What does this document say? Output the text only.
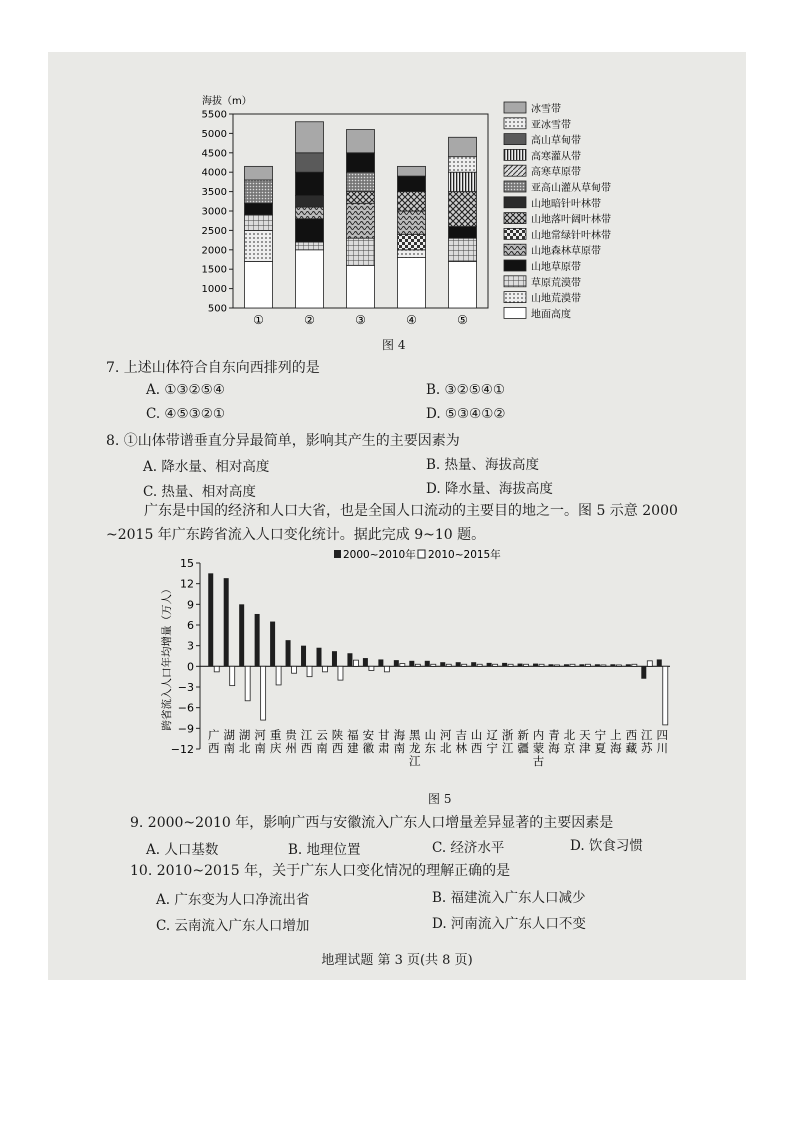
海拔（m）
500
1000
1500
2000
2500
3000
3500
4000
4500
5000
5500
①	②	③	④	⑤
冰雪带
亚冰雪带
高山草甸带
高寒灌从带
高寒草原带
亚高山灌从草甸带
山地暗针叶林带
山地落叶阔叶林带
山地常绿针叶林带
山地森林草原带
山地草原带
草原荒漠带
山地荒漠带
地面高度
图 4
7. 上述山体符合自东向西排列的是
A. ①③②⑤④	B. ③②⑤④①
C. ④⑤③②①	D. ⑤③④①②
8. ①山体带谱垂直分异最简单，影响其产生的主要因素为
A. 降水量、相对高度	B. 热量、海拔高度
C. 热量、相对高度	D. 降水量、海拔高度
广东是中国的经济和人口大省，也是全国人口流动的主要目的地之一。图 5 示意 2000
~2015 年广东跨省流入人口变化统计。据此完成 9~10 题。
跨省流入人口年均增量（万人）
15
12
9
6
3
0
−3
−6
−9
−12
2000~2010年 2010~2015年
广
西
湖
南
湖
北
河
南
重
庆
贵
州
江
西
云
南
陕
西
福
建
安
徽
甘
肃
海
南
黑
龙
江
山
东
河
北
吉
林
山
西
辽
宁
浙
江
新
疆
内
蒙
古
青
海
北
京
天
津
宁
夏
上
海
西
藏
江
苏
四
川
图 5
9. 2000~2010 年，影响广西与安徽流入广东人口增量差异显著的主要因素是
A. 人口基数	B. 地理位置	C. 经济水平	D. 饮食习惯
10. 2010~2015 年，关于广东人口变化情况的理解正确的是
A. 广东变为人口净流出省	B. 福建流入广东人口减少
C. 云南流入广东人口增加	D. 河南流入广东人口不变
地理试题 第 3 页(共 8 页)
